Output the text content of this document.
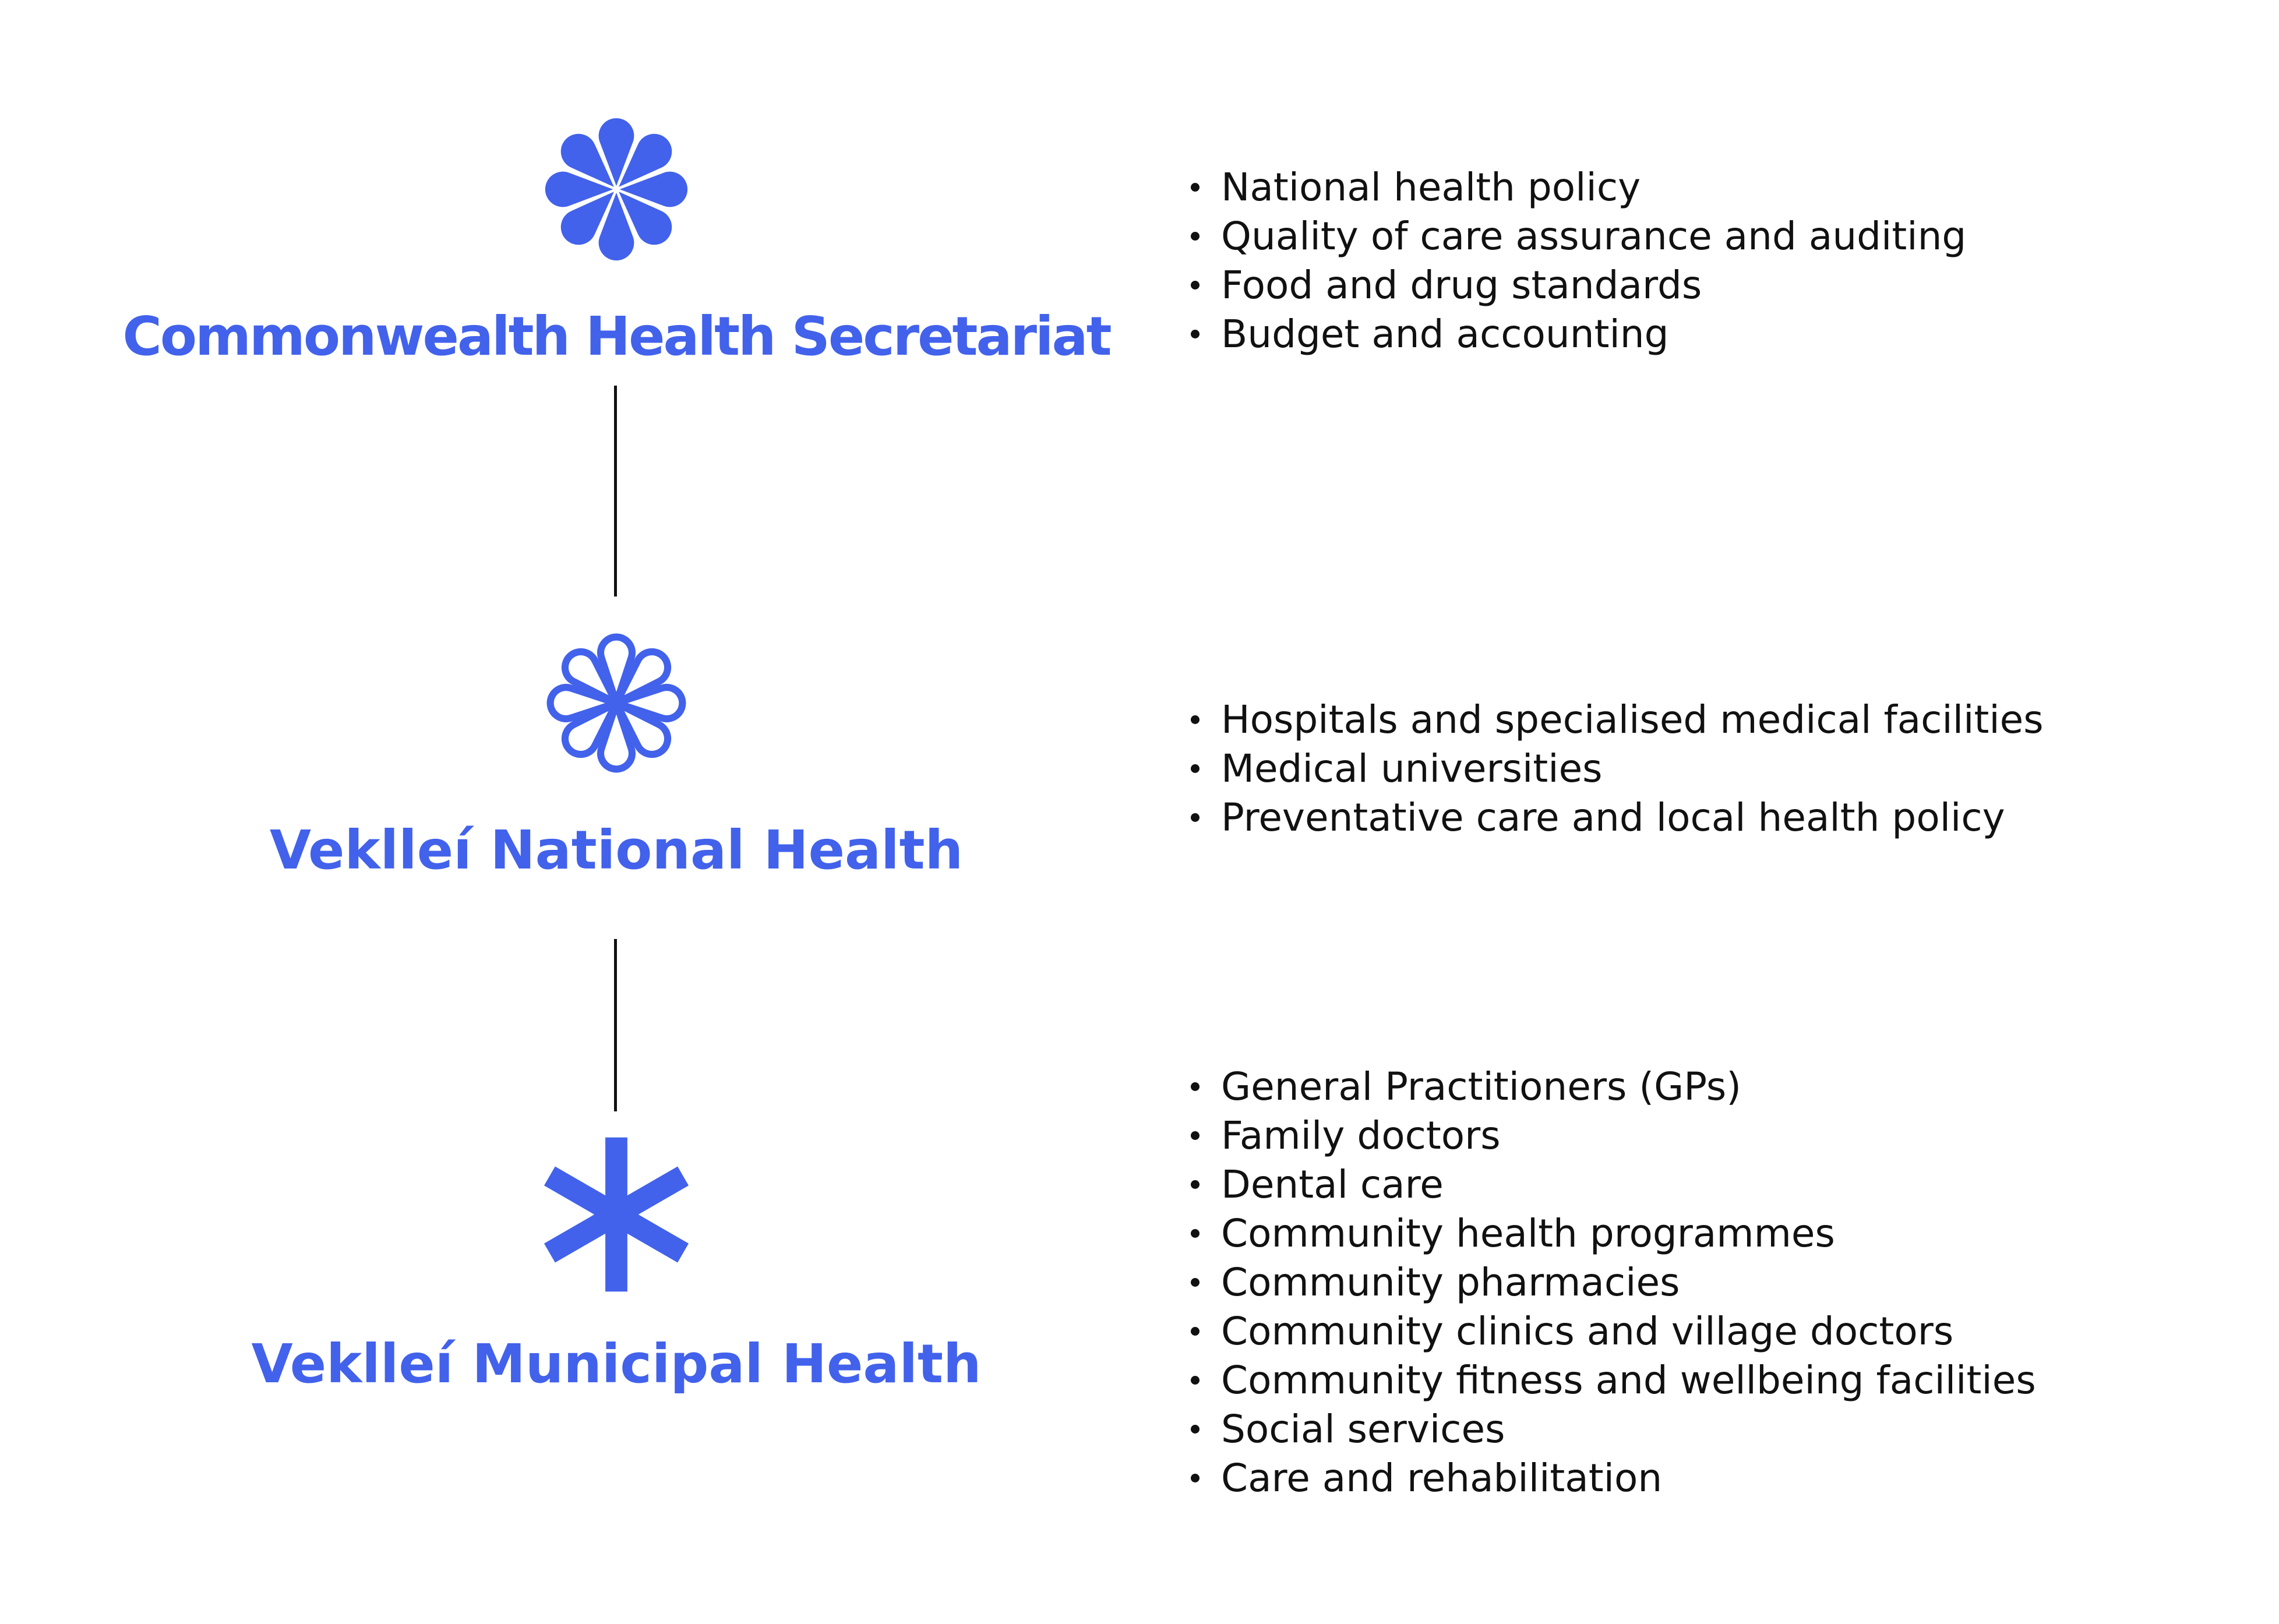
Commonwealth Health Secretariat
National health policy
Quality of care assurance and auditing
Food and drug standards
Budget and accounting
Veklleí National Health
Hospitals and specialised medical facilities
Medical universities
Preventative care and local health policy
Veklleí Municipal Health
General Practitioners (GPs)
Family doctors
Dental care
Community health programmes
Community pharmacies
Community clinics and village doctors
Community fitness and wellbeing facilities
Social services
Care and rehabilitation
